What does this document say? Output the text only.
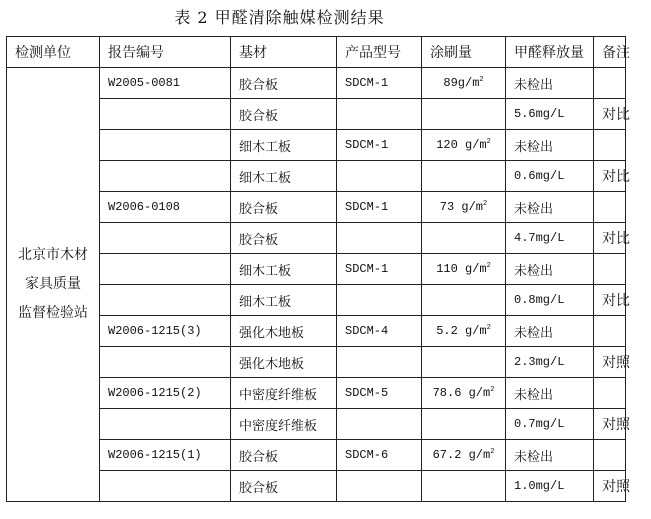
表 2 甲醛清除触媒检测结果
检测单位	报告编号	基材	产品型号	涂刷量	甲醛释放量	备注

北京市木材
家具质量
监督检验站	W2005-0081	胶合板	SDCM-1	$89g/m^2$	未检出	
		胶合板			5.6mg/L	对比
		细木工板	SDCM-1	120 $g/m^2$	未检出	
		细木工板			0.6mg/L	对比
	W2006-0108	胶合板	SDCM-1	73 $g/m^2$	未检出	
		胶合板			4.7mg/L	对比
		细木工板	SDCM-1	110 $g/m^2$	未检出	
		细木工板			0.8mg/L	对比
	W2006-1215(3)	强化木地板	SDCM-4	5.2 $g/m^2$	未检出	
		强化木地板			2.3mg/L	对照
	W2006-1215(2)	中密度纤维板	SDCM-5	78.6 $g/m^2$	未检出	
		中密度纤维板			0.7mg/L	对照
	W2006-1215(1)	胶合板	SDCM-6	67.2 $g/m^2$	未检出	
		胶合板			1.0mg/L	对照
